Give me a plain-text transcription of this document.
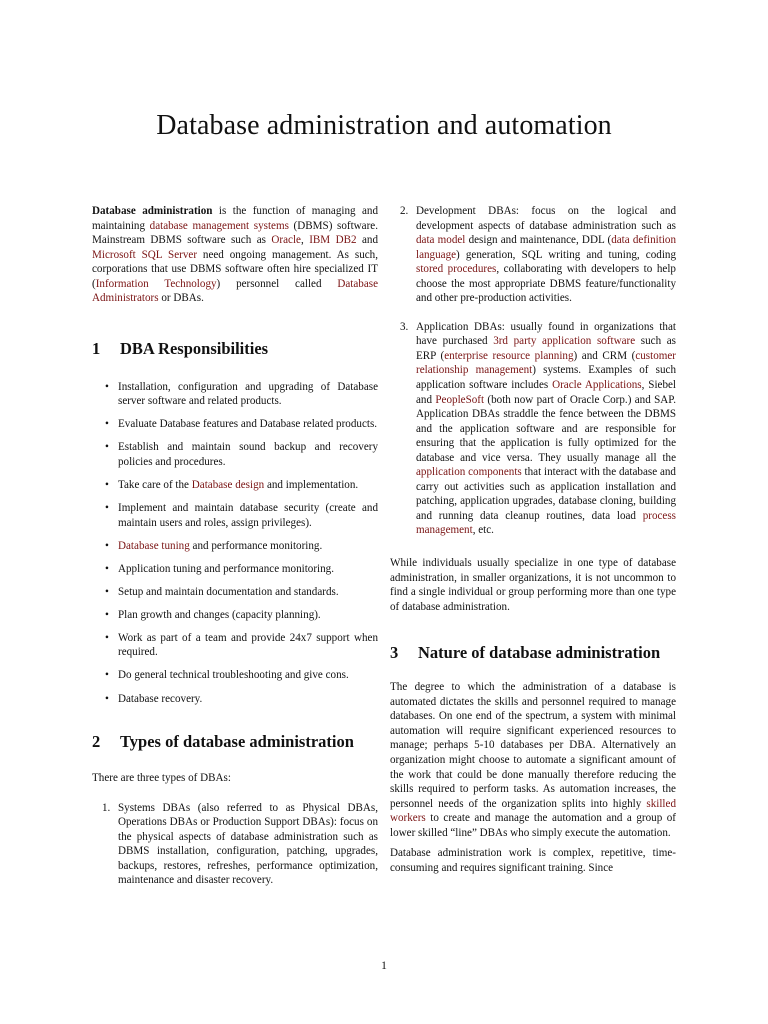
Database administration and automation

Database administration is the function of managing and maintaining database management systems (DBMS) software. Mainstream DBMS software such as Oracle, IBM DB2 and Microsoft SQL Server need ongoing management. As such, corporations that use DBMS software often hire specialized IT (Information Technology) personnel called Database Administrators or DBAs.

1	DBA Responsibilities
• Installation, configuration and upgrading of Database server software and related products.
• Evaluate Database features and Database related products.
• Establish and maintain sound backup and recovery policies and procedures.
• Take care of the Database design and implementation.
• Implement and maintain database security (create and maintain users and roles, assign privileges).
• Database tuning and performance monitoring.
• Application tuning and performance monitoring.
• Setup and maintain documentation and standards.
• Plan growth and changes (capacity planning).
• Work as part of a team and provide 24x7 support when required.
• Do general technical troubleshooting and give cons.
• Database recovery.
2	Types of database administration

There are three types of DBAs:

1. Systems DBAs (also referred to as Physical DBAs, Operations DBAs or Production Support DBAs): focus on the physical aspects of database administration such as DBMS installation, configuration, patching, upgrades, backups, restores, refreshes, performance optimization, maintenance and disaster recovery.
2. Development DBAs: focus on the logical and development aspects of database administration such as data model design and maintenance, DDL (data definition language) generation, SQL writing and tuning, coding stored procedures, collaborating with developers to help choose the most appropriate DBMS feature/functionality and other pre-production activities.
3. Application DBAs: usually found in organizations that have purchased 3rd party application software such as ERP (enterprise resource planning) and CRM (customer relationship management) systems. Examples of such application software includes Oracle Applications, Siebel and PeopleSoft (both now part of Oracle Corp.) and SAP. Application DBAs straddle the fence between the DBMS and the application software and are responsible for ensuring that the application is fully optimized for the database and vice versa. They usually manage all the application components that interact with the database and carry out activities such as application installation and patching, application upgrades, database cloning, building and running data cleanup routines, data load process management, etc.

While individuals usually specialize in one type of database administration, in smaller organizations, it is not uncommon to find a single individual or group performing more than one type of database administration.

3	Nature of database administration

The degree to which the administration of a database is automated dictates the skills and personnel required to manage databases. On one end of the spectrum, a system with minimal automation will require significant experienced resources to manage; perhaps 5-10 databases per DBA. Alternatively an organization might choose to automate a significant amount of the work that could be done manually therefore reducing the skills required to perform tasks. As automation increases, the personnel needs of the organization splits into highly skilled workers to create and manage the automation and a group of lower skilled “line” DBAs who simply execute the automation.

Database administration work is complex, repetitive, time-consuming and requires significant training. Since

1
